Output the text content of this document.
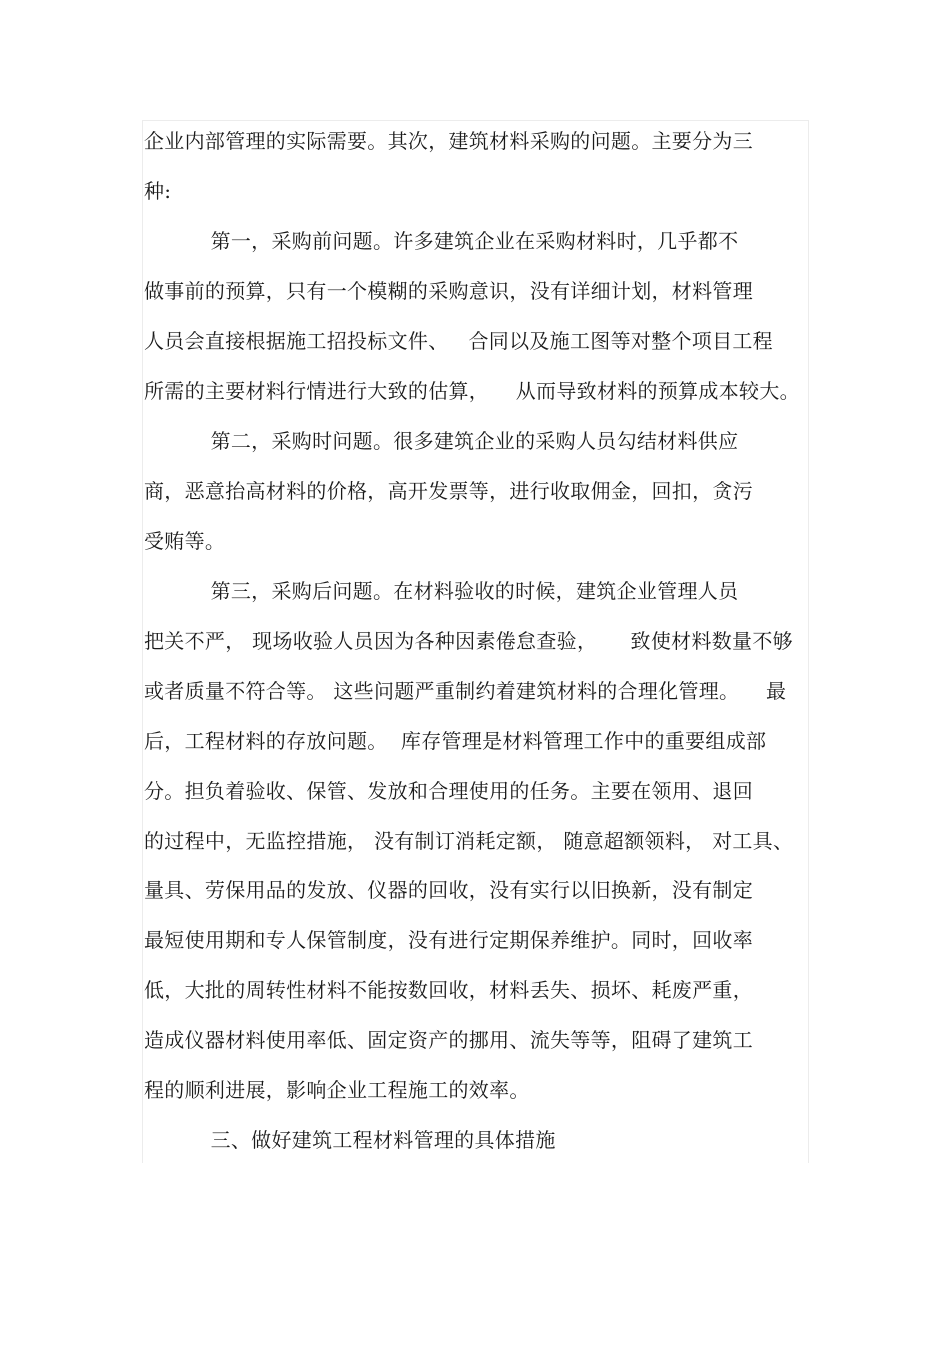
企业内部管理的实际需要。其次，建筑材料采购的问题。主要分为三
种:
第一，采购前问题。许多建筑企业在采购材料时，几乎都不
做事前的预算，只有一个模糊的采购意识，没有详细计划，材料管理
人员会直接根据施工招投标文件、   合同以及施工图等对整个项目工程
所需的主要材料行情进行大致的估算，    从而导致材料的预算成本较大。
第二，采购时问题。很多建筑企业的采购人员勾结材料供应
商，恶意抬高材料的价格，高开发票等，进行收取佣金，回扣，贪污
受贿等。
第三，采购后问题。在材料验收的时候，建筑企业管理人员
把关不严， 现场收验人员因为各种因素倦怠查验，     致使材料数量不够
或者质量不符合等。 这些问题严重制约着建筑材料的合理化管理。    最
后，工程材料的存放问题。  库存管理是材料管理工作中的重要组成部
分。担负着验收、保管、发放和合理使用的任务。主要在领用、退回
的过程中，无监控措施， 没有制订消耗定额， 随意超额领料， 对工具、
量具、劳保用品的发放、仪器的回收，没有实行以旧换新，没有制定
最短使用期和专人保管制度，没有进行定期保养维护。同时，回收率
低，大批的周转性材料不能按数回收，材料丢失、损坏、耗废严重，
造成仪器材料使用率低、固定资产的挪用、流失等等，阻碍了建筑工
程的顺利进展，影响企业工程施工的效率。
三、做好建筑工程材料管理的具体措施
